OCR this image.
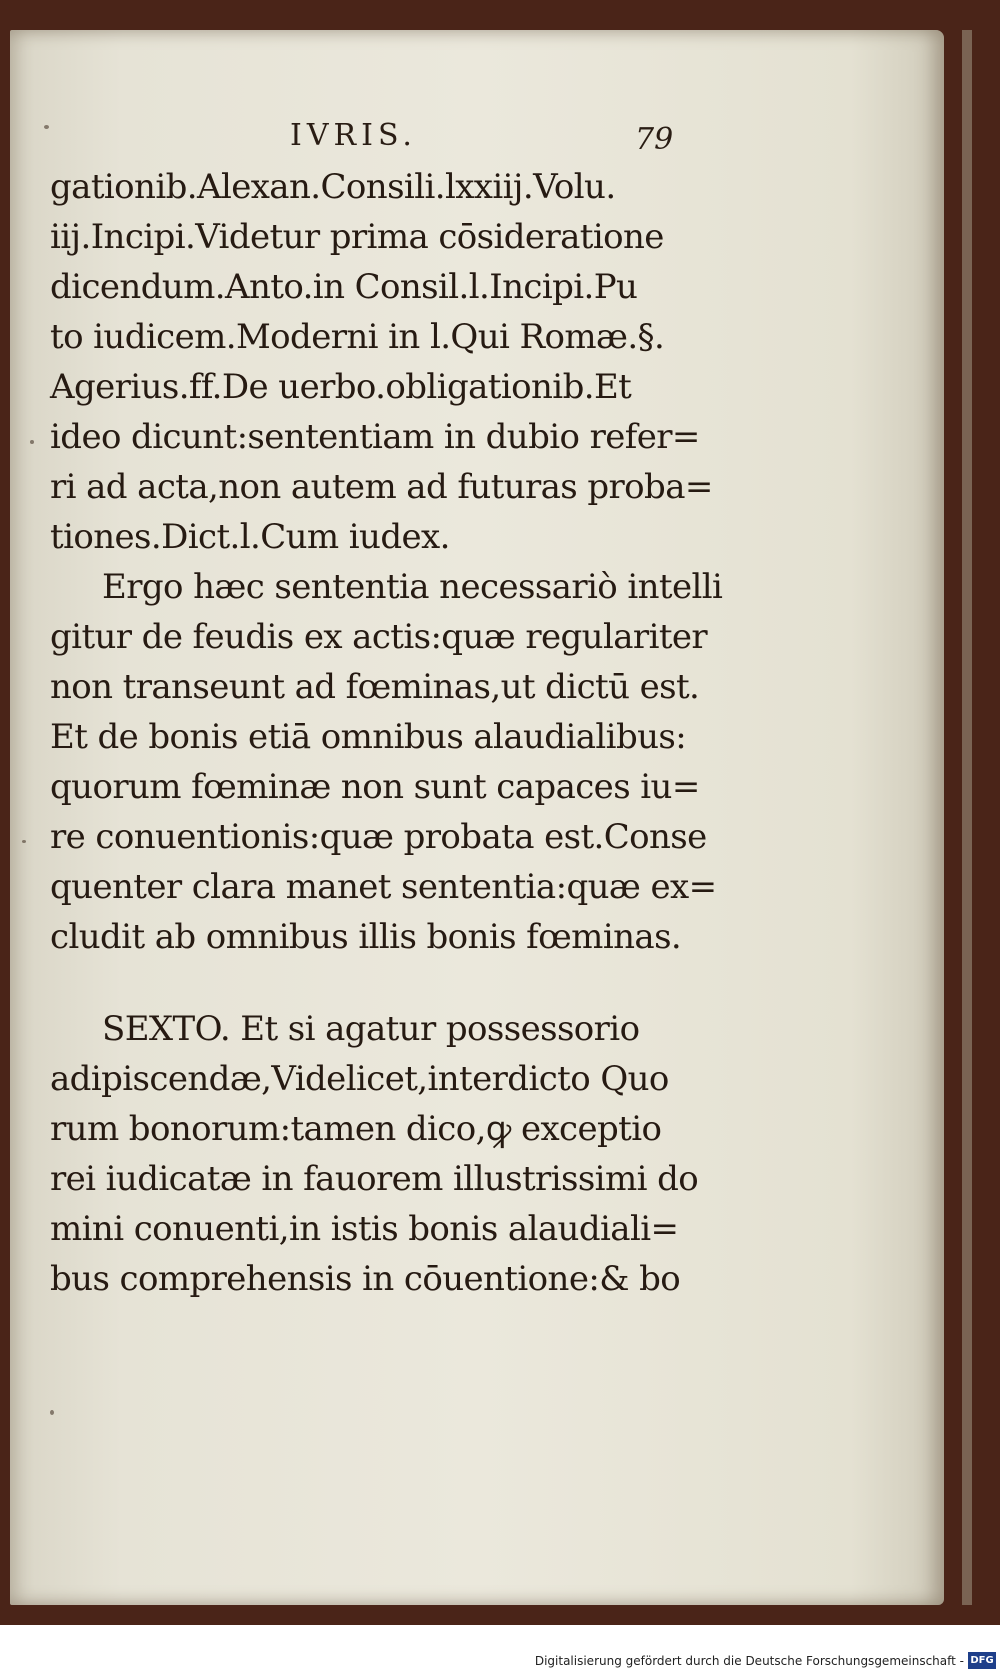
IVRIS.	79
gationib.Alexan.Consili.lxxiij.Volu.
iij.Incipi.Videtur prima cōsideratione
dicendum.Anto.in Consil.l.Incipi.Pu
to iudicem.Moderni in l.Qui Romæ.§.
Agerius.ff.De uerbo.obligationib.Et
ideo dicunt:sententiam in dubio refer=
ri ad acta,non autem ad futuras proba=
tiones.Dict.l.Cum iudex.
Ergo hæc sententia necessariò intelli
gitur de feudis ex actis:quæ regulariter
non transeunt ad fœminas,ut dictū est.
Et de bonis etiā omnibus alaudialibus:
quorum fœminæ non sunt capaces iu=
re conuentionis:quæ probata est.Conse
quenter clara manet sententia:quæ ex=
cludit ab omnibus illis bonis fœminas.
SEXTO. Et si agatur possessorio
adipiscendæ,Videlicet,interdicto Quo
rum bonorum:tamen dico,ꝙ exceptio
rei iudicatæ in fauorem illustrissimi do
mini conuenti,in istis bonis alaudiali=
bus comprehensis in cōuentione:& bo
Digitalisierung gefördert durch die Deutsche Forschungsgemeinschaft - DFG
